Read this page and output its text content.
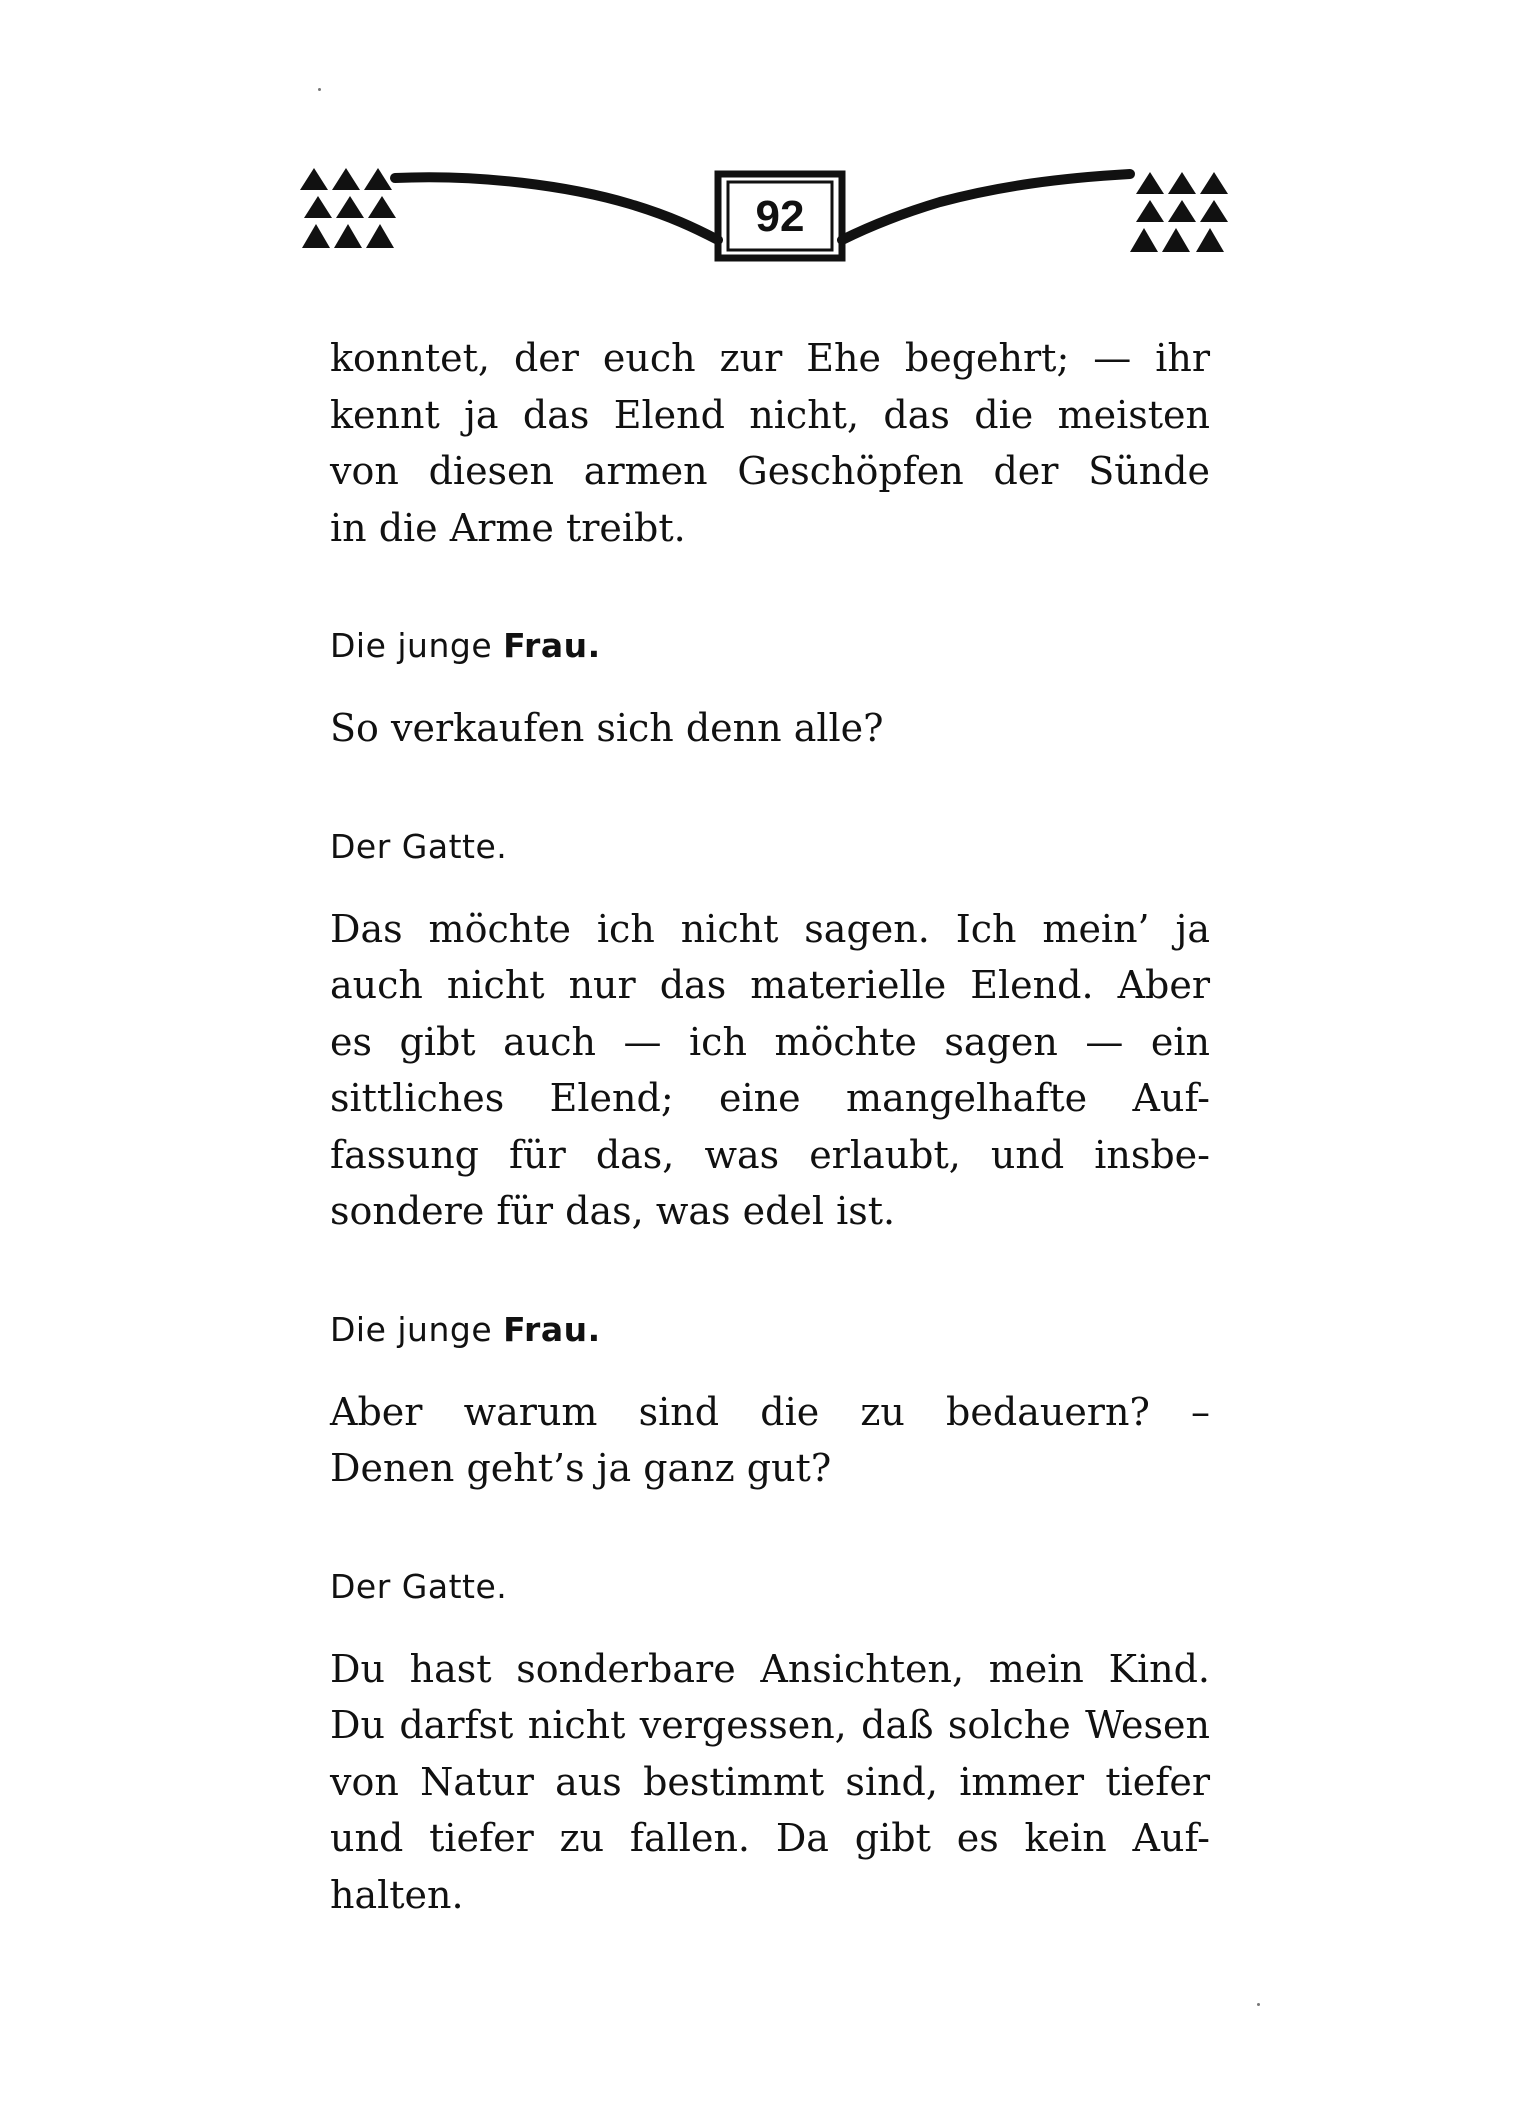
92

konntet, der euch zur Ehe begehrt; — ihr
kennt ja das Elend nicht, das die meisten
von diesen armen Geschöpfen der Sünde
in die Arme treibt.

Die junge Frau.

So verkaufen sich denn alle?

Der Gatte.

Das möchte ich nicht sagen. Ich mein’ ja
auch nicht nur das materielle Elend. Aber
es gibt auch — ich möchte sagen — ein
sittliches Elend; eine mangelhafte Auf-
fassung für das, was erlaubt, und insbe-
sondere für das, was edel ist.

Die junge Frau.

Aber warum sind die zu bedauern? –
Denen geht’s ja ganz gut?

Der Gatte.

Du hast sonderbare Ansichten, mein Kind.
Du darfst nicht vergessen, daß solche Wesen
von Natur aus bestimmt sind, immer tiefer
und tiefer zu fallen. Da gibt es kein Auf-
halten.
